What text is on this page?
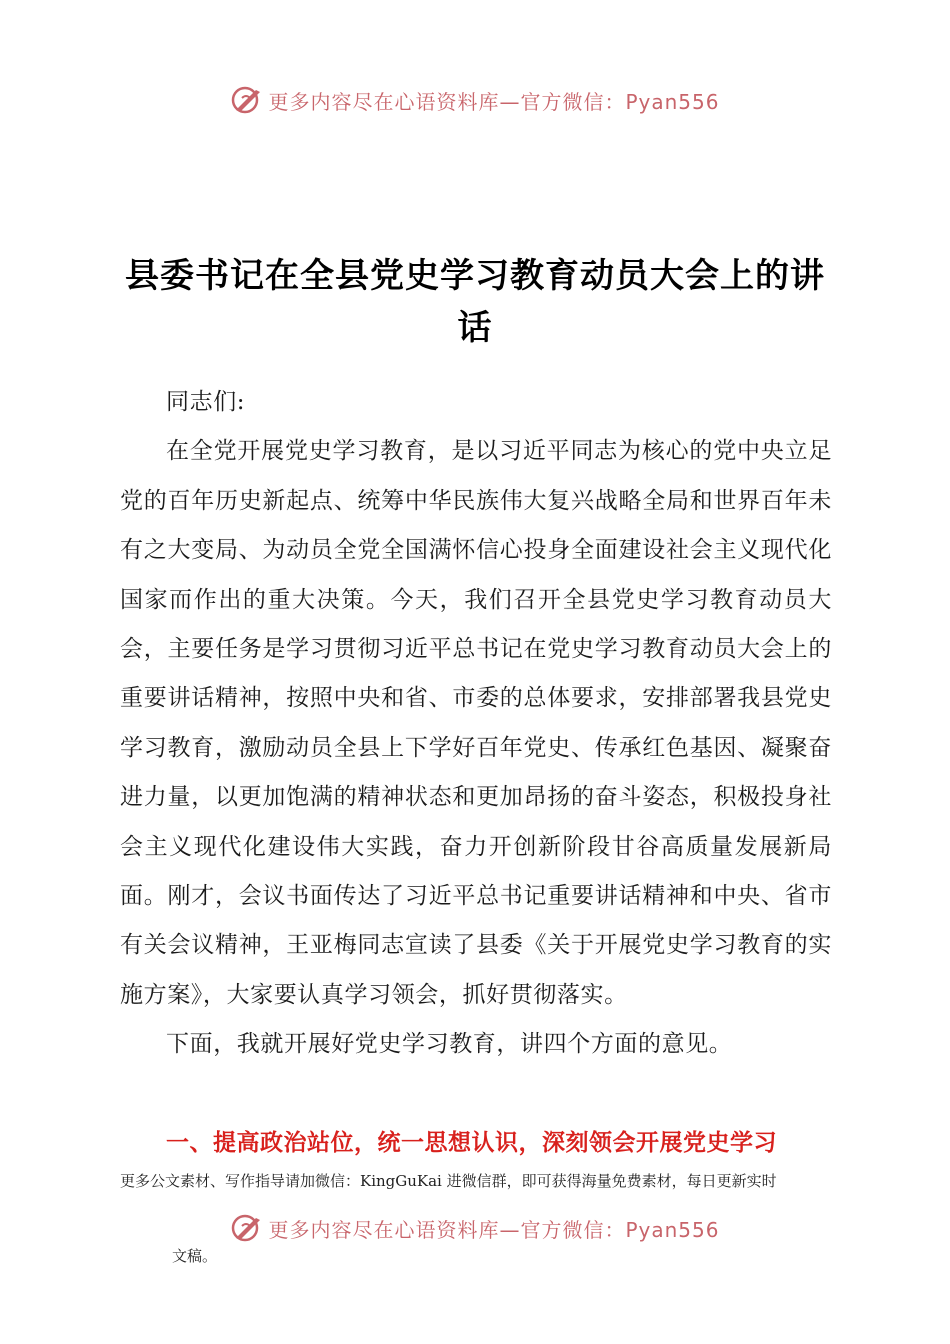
更多内容尽在心语资料库—官方微信：Pyan556
县委书记在全县党史学习教育动员大会上的讲话

同志们:

在全党开展党史学习教育，是以习近平同志为核心的党中央立足党的百年历史新起点、统筹中华民族伟大复兴战略全局和世界百年未有之大变局、为动员全党全国满怀信心投身全面建设社会主义现代化国家而作出的重大决策。今天，我们召开全县党史学习教育动员大会，主要任务是学习贯彻习近平总书记在党史学习教育动员大会上的重要讲话精神，按照中央和省、市委的总体要求，安排部署我县党史学习教育，激励动员全县上下学好百年党史、传承红色基因、凝聚奋进力量，以更加饱满的精神状态和更加昂扬的奋斗姿态，积极投身社会主义现代化建设伟大实践，奋力开创新阶段甘谷高质量发展新局面。刚才，会议书面传达了习近平总书记重要讲话精神和中央、省市有关会议精神，王亚梅同志宣读了县委《关于开展党史学习教育的实施方案》，大家要认真学习领会，抓好贯彻落实。

下面，我就开展好党史学习教育，讲四个方面的意见。

一、提高政治站位，统一思想认识，深刻领会开展党史学习
更多公文素材、写作指导请加微信：KingGuKai 进微信群，即可获得海量免费素材，每日更新实时
更多内容尽在心语资料库—官方微信：Pyan556
文稿。
